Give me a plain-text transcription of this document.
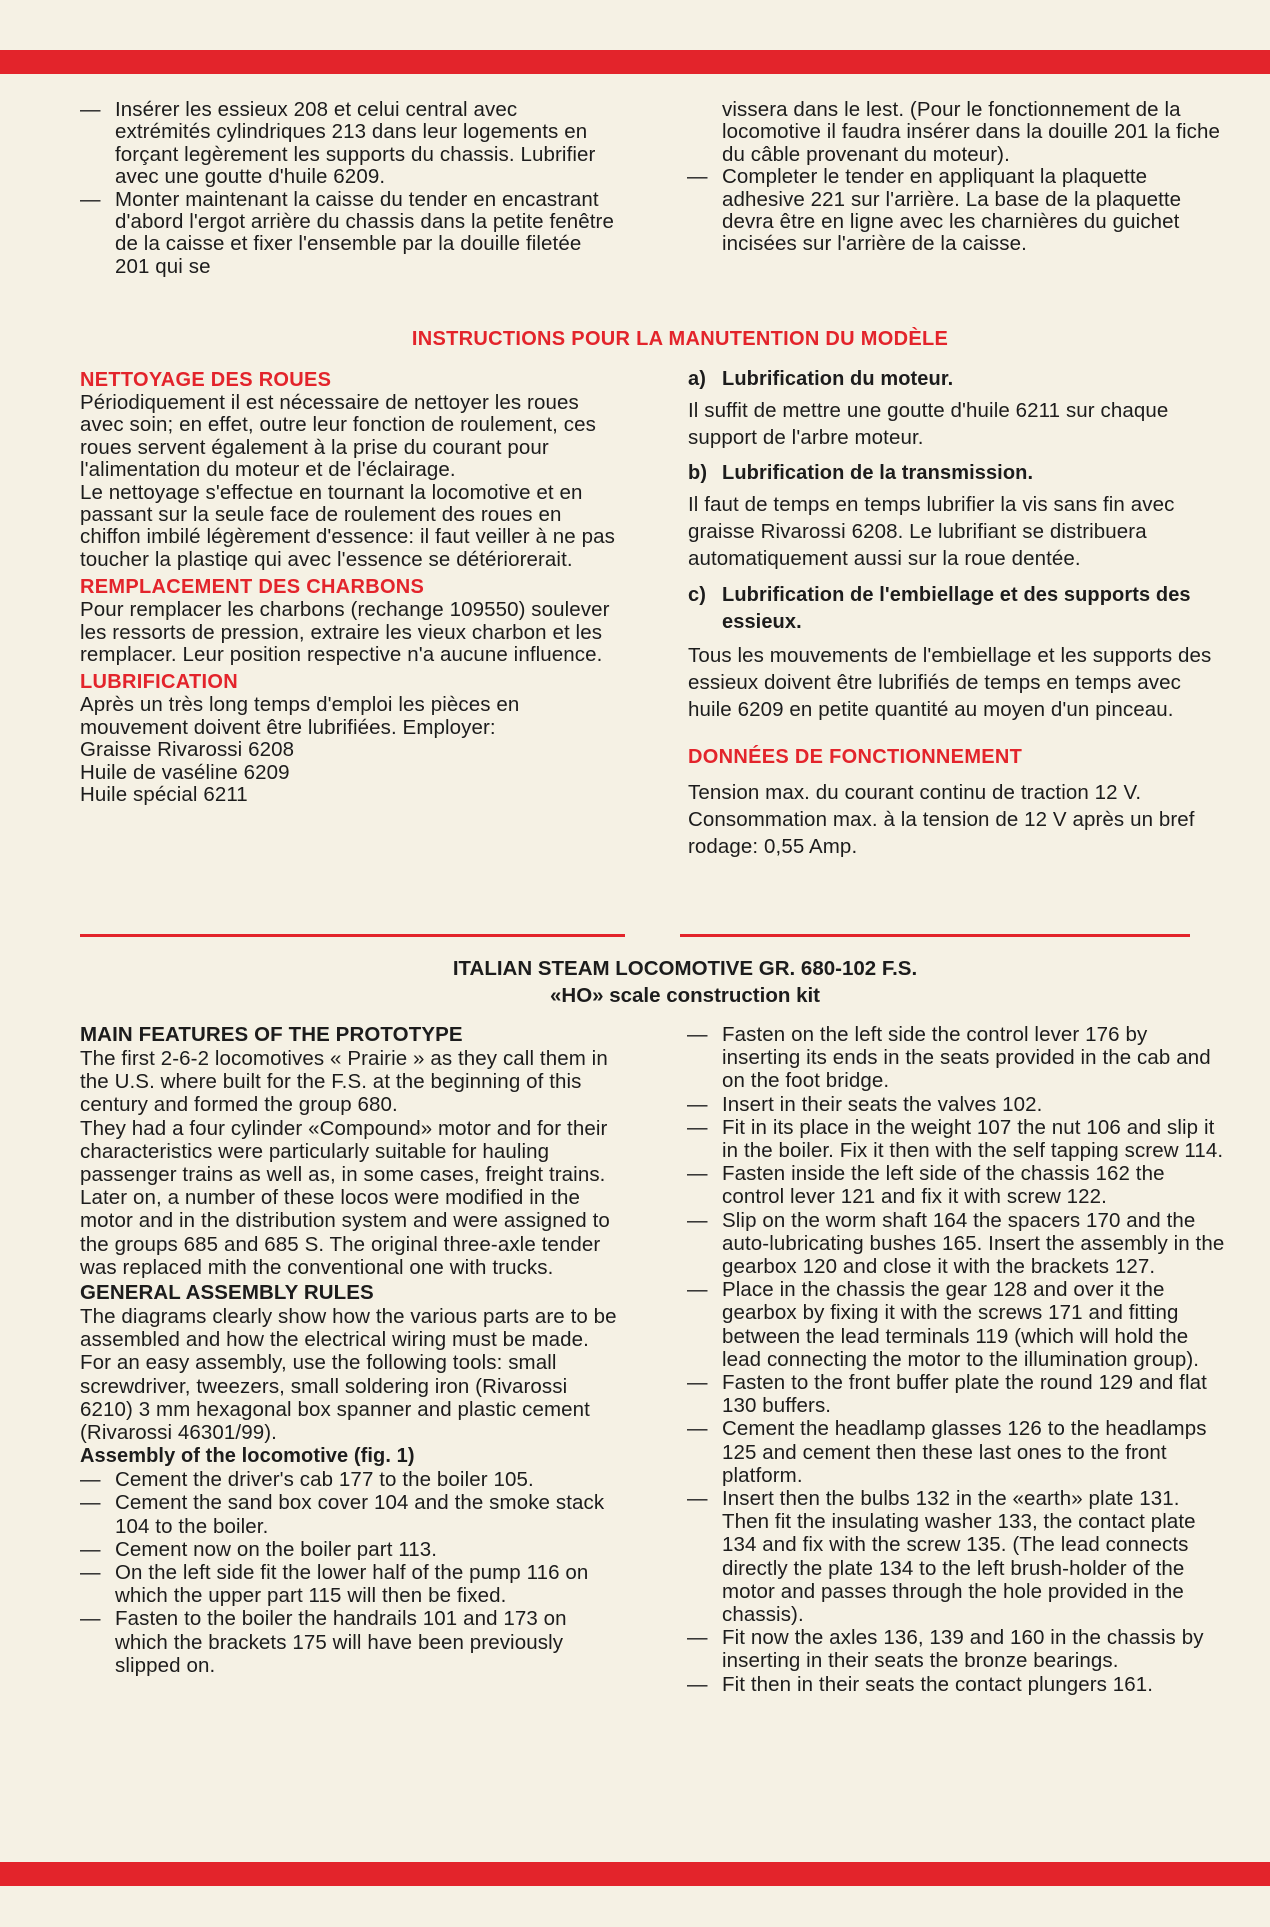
— Insérer les essieux 208 et celui central avec extrémités cylindriques 213 dans leur logements en forçant legèrement les supports du chassis. Lubrifier avec une goutte d'huile 6209.

— Monter maintenant la caisse du tender en encastrant d'abord l'ergot arrière du chassis dans la petite fenêtre de la caisse et fixer l'ensemble par la douille filetée 201 qui se

vissera dans le lest. (Pour le fonctionnement de la locomotive il faudra insérer dans la douille 201 la fiche du câble provenant du moteur).

— Completer le tender en appliquant la plaquette adhesive 221 sur l'arrière. La base de la plaquette devra être en ligne avec les charnières du guichet incisées sur l'arrière de la caisse.

INSTRUCTIONS POUR LA MANUTENTION DU MODÈLE
NETTOYAGE DES ROUES

Périodiquement il est nécessaire de nettoyer les roues avec soin; en effet, outre leur fonction de roulement, ces roues servent également à la prise du courant pour l'alimentation du moteur et de l'éclairage.

Le nettoyage s'effectue en tournant la locomotive et en passant sur la seule face de roulement des roues en chiffon imbilé légèrement d'essence: il faut veiller à ne pas toucher la plastiqe qui avec l'essence se détériorerait.

REMPLACEMENT DES CHARBONS

Pour remplacer les charbons (rechange 109550) soulever les ressorts de pression, extraire les vieux charbon et les remplacer. Leur position respective n'a aucune influence.

LUBRIFICATION

Après un très long temps d'emploi les pièces en mouvement doivent être lubrifiées. Employer:

Graisse Rivarossi 6208

Huile de vaséline 6209

Huile spécial 6211

a) Lubrification du moteur.

Il suffit de mettre une goutte d'huile 6211 sur chaque support de l'arbre moteur.

b) Lubrification de la transmission.

Il faut de temps en temps lubrifier la vis sans fin avec graisse Rivarossi 6208. Le lubrifiant se distribuera automatiquement aussi sur la roue dentée.

c) Lubrification de l'embiellage et des supports des essieux.

Tous les mouvements de l'embiellage et les supports des essieux doivent être lubrifiés de temps en temps avec huile 6209 en petite quantité au moyen d'un pinceau.

DONNÉES DE FONCTIONNEMENT

Tension max. du courant continu de traction 12 V. Consommation max. à la tension de 12 V après un bref rodage: 0,55 Amp.

ITALIAN STEAM LOCOMOTIVE GR. 680-102 F.S.
«HO» scale construction kit
MAIN FEATURES OF THE PROTOTYPE

The first 2-6-2 locomotives « Prairie » as they call them in the U.S. where built for the F.S. at the beginning of this century and formed the group 680.

They had a four cylinder «Compound» motor and for their characteristics were particularly suitable for hauling passenger trains as well as, in some cases, freight trains.

Later on, a number of these locos were modified in the motor and in the distribution system and were assigned to the groups 685 and 685 S. The original three-axle tender was replaced mith the conventional one with trucks.

GENERAL ASSEMBLY RULES

The diagrams clearly show how the various parts are to be assembled and how the electrical wiring must be made.

For an easy assembly, use the following tools: small screwdriver, tweezers, small soldering iron (Rivarossi 6210) 3 mm hexagonal box spanner and plastic cement (Rivarossi 46301/99).

Assembly of the locomotive (fig. 1)
— Cement the driver's cab 177 to the boiler 105.

— Cement the sand box cover 104 and the smoke stack 104 to the boiler.

— Cement now on the boiler part 113.

— On the left side fit the lower half of the pump 116 on which the upper part 115 will then be fixed.

— Fasten to the boiler the handrails 101 and 173 on which the brackets 175 will have been previously slipped on.

— Fasten on the left side the control lever 176 by inserting its ends in the seats provided in the cab and on the foot bridge.

— Insert in their seats the valves 102.

— Fit in its place in the weight 107 the nut 106 and slip it in the boiler. Fix it then with the self tapping screw 114.

— Fasten inside the left side of the chassis 162 the control lever 121 and fix it with screw 122.

— Slip on the worm shaft 164 the spacers 170 and the auto-lubricating bushes 165. Insert the assembly in the gearbox 120 and close it with the brackets 127.

— Place in the chassis the gear 128 and over it the gearbox by fixing it with the screws 171 and fitting between the lead terminals 119 (which will hold the lead connecting the motor to the illumination group).

— Fasten to the front buffer plate the round 129 and flat 130 buffers.

— Cement the headlamp glasses 126 to the headlamps 125 and cement then these last ones to the front platform.

— Insert then the bulbs 132 in the «earth» plate 131. Then fit the insulating washer 133, the contact plate 134 and fix with the screw 135. (The lead connects directly the plate 134 to the left brush-holder of the motor and passes through the hole provided in the chassis).

— Fit now the axles 136, 139 and 160 in the chassis by inserting in their seats the bronze bearings.

— Fit then in their seats the contact plungers 161.
